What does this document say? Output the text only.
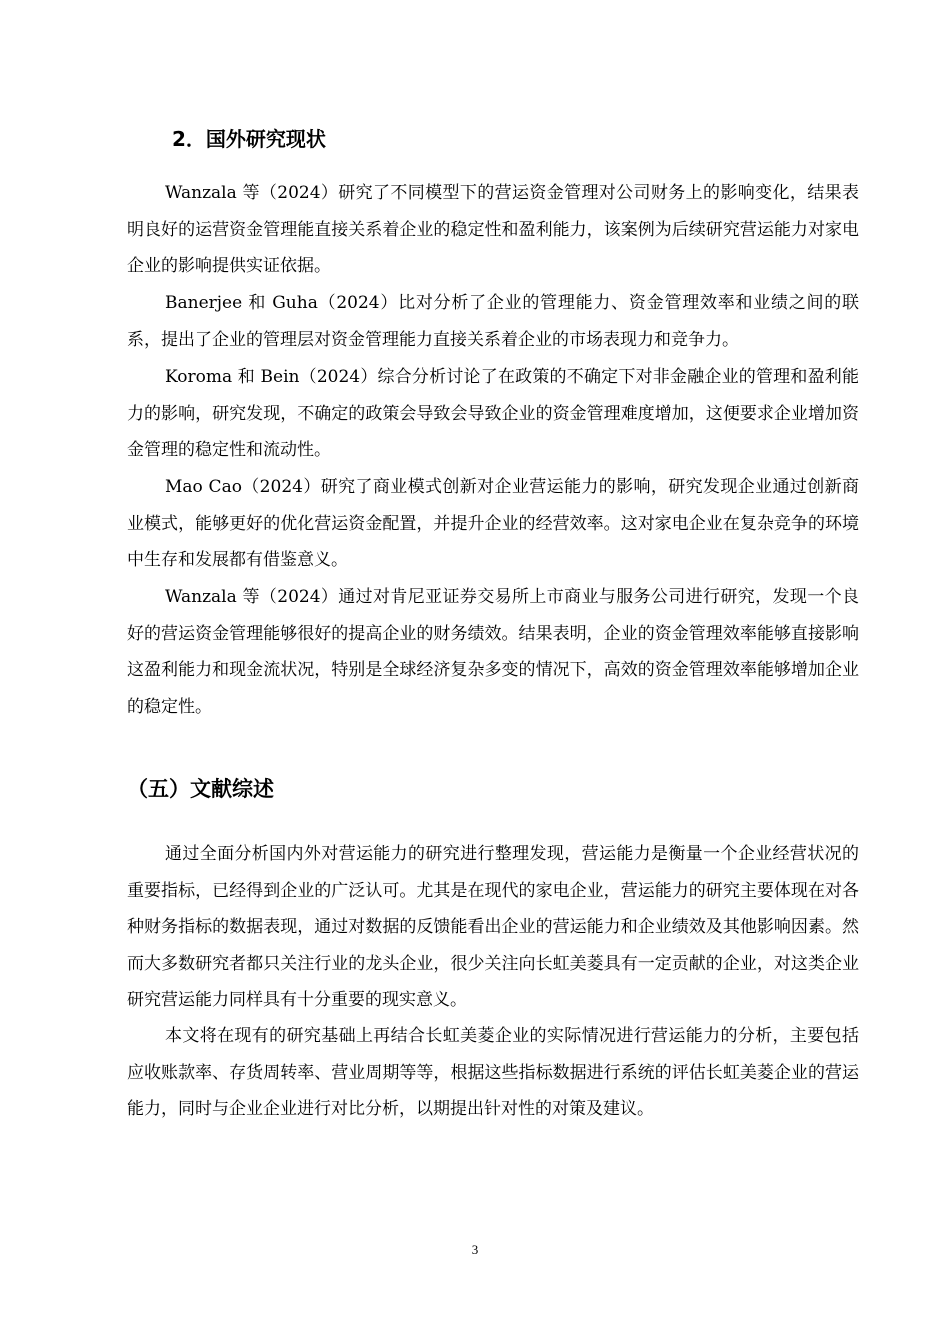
2．国外研究现状

Wanzala 等（2024）研究了不同模型下的营运资金管理对公司财务上的影响变化，结果表明良好的运营资金管理能直接关系着企业的稳定性和盈利能力，该案例为后续研究营运能力对家电企业的影响提供实证依据。

Banerjee 和 Guha（2024）比对分析了企业的管理能力、资金管理效率和业绩之间的联系，提出了企业的管理层对资金管理能力直接关系着企业的市场表现力和竞争力。

Koroma 和 Bein（2024）综合分析讨论了在政策的不确定下对非金融企业的管理和盈利能力的影响，研究发现，不确定的政策会导致会导致企业的资金管理难度增加，这便要求企业增加资金管理的稳定性和流动性。

Mao Cao（2024）研究了商业模式创新对企业营运能力的影响，研究发现企业通过创新商业模式，能够更好的优化营运资金配置，并提升企业的经营效率。这对家电企业在复杂竞争的环境中生存和发展都有借鉴意义。

Wanzala 等（2024）通过对肯尼亚证券交易所上市商业与服务公司进行研究，发现一个良好的营运资金管理能够很好的提高企业的财务绩效。结果表明，企业的资金管理效率能够直接影响这盈利能力和现金流状况，特别是全球经济复杂多变的情况下，高效的资金管理效率能够增加企业的稳定性。

（五）文献综述

通过全面分析国内外对营运能力的研究进行整理发现，营运能力是衡量一个企业经营状况的重要指标，已经得到企业的广泛认可。尤其是在现代的家电企业，营运能力的研究主要体现在对各种财务指标的数据表现，通过对数据的反馈能看出企业的营运能力和企业绩效及其他影响因素。然而大多数研究者都只关注行业的龙头企业，很少关注向长虹美菱具有一定贡献的企业，对这类企业研究营运能力同样具有十分重要的现实意义。

本文将在现有的研究基础上再结合长虹美菱企业的实际情况进行营运能力的分析，主要包括应收账款率、存货周转率、营业周期等等，根据这些指标数据进行系统的评估长虹美菱企业的营运能力，同时与企业企业进行对比分析，以期提出针对性的对策及建议。

3
